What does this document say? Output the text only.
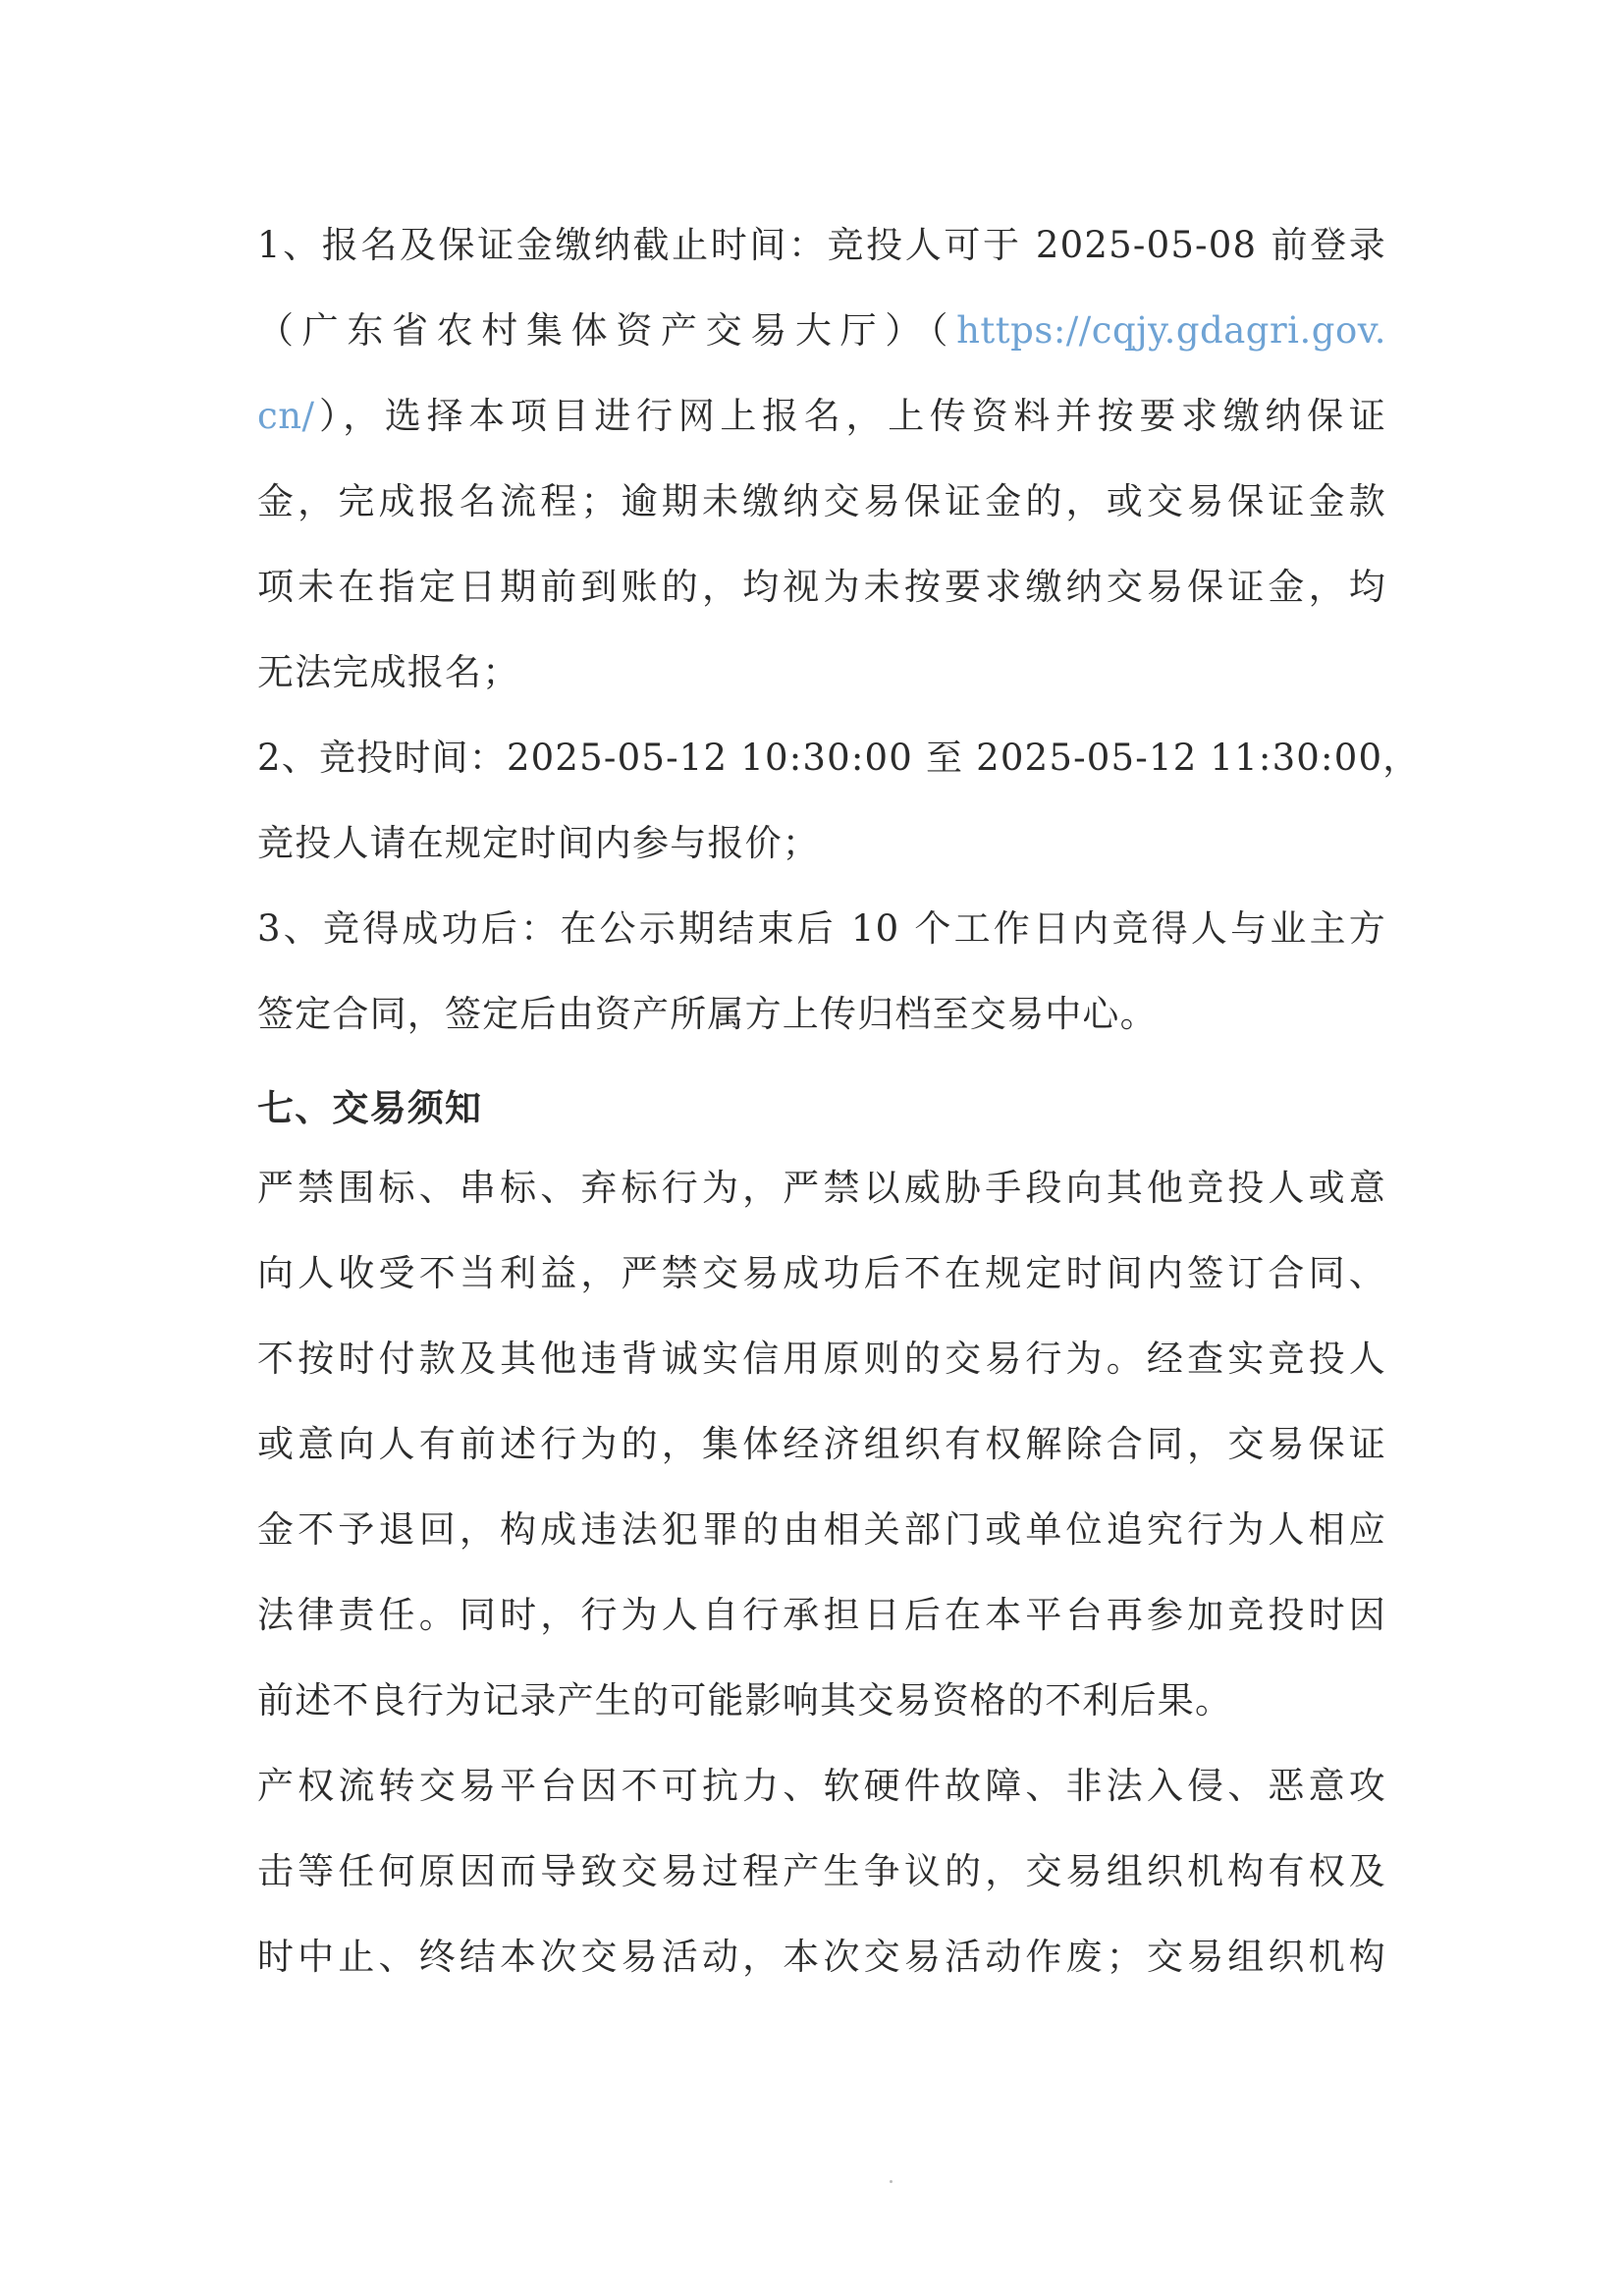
1、报名及保证金缴纳截止时间：竞投人可于 2025-05-08 前登录
（广东省农村集体资产交易大厅）（https://cqjy.gdagri.gov.
cn/），选择本项目进行网上报名，上传资料并按要求缴纳保证
金，完成报名流程；逾期未缴纳交易保证金的，或交易保证金款
项未在指定日期前到账的，均视为未按要求缴纳交易保证金，均
无法完成报名；
2、竞投时间：2025-05-12 10:30:00 至 2025-05-12 11:30:00，
竞投人请在规定时间内参与报价；
3、竞得成功后：在公示期结束后 10 个工作日内竞得人与业主方
签定合同，签定后由资产所属方上传归档至交易中心。
七、交易须知
严禁围标、串标、弃标行为，严禁以威胁手段向其他竞投人或意
向人收受不当利益，严禁交易成功后不在规定时间内签订合同、
不按时付款及其他违背诚实信用原则的交易行为。经查实竞投人
或意向人有前述行为的，集体经济组织有权解除合同，交易保证
金不予退回，构成违法犯罪的由相关部门或单位追究行为人相应
法律责任。同时，行为人自行承担日后在本平台再参加竞投时因
前述不良行为记录产生的可能影响其交易资格的不利后果。
产权流转交易平台因不可抗力、软硬件故障、非法入侵、恶意攻
击等任何原因而导致交易过程产生争议的，交易组织机构有权及
时中止、终结本次交易活动，本次交易活动作废；交易组织机构
